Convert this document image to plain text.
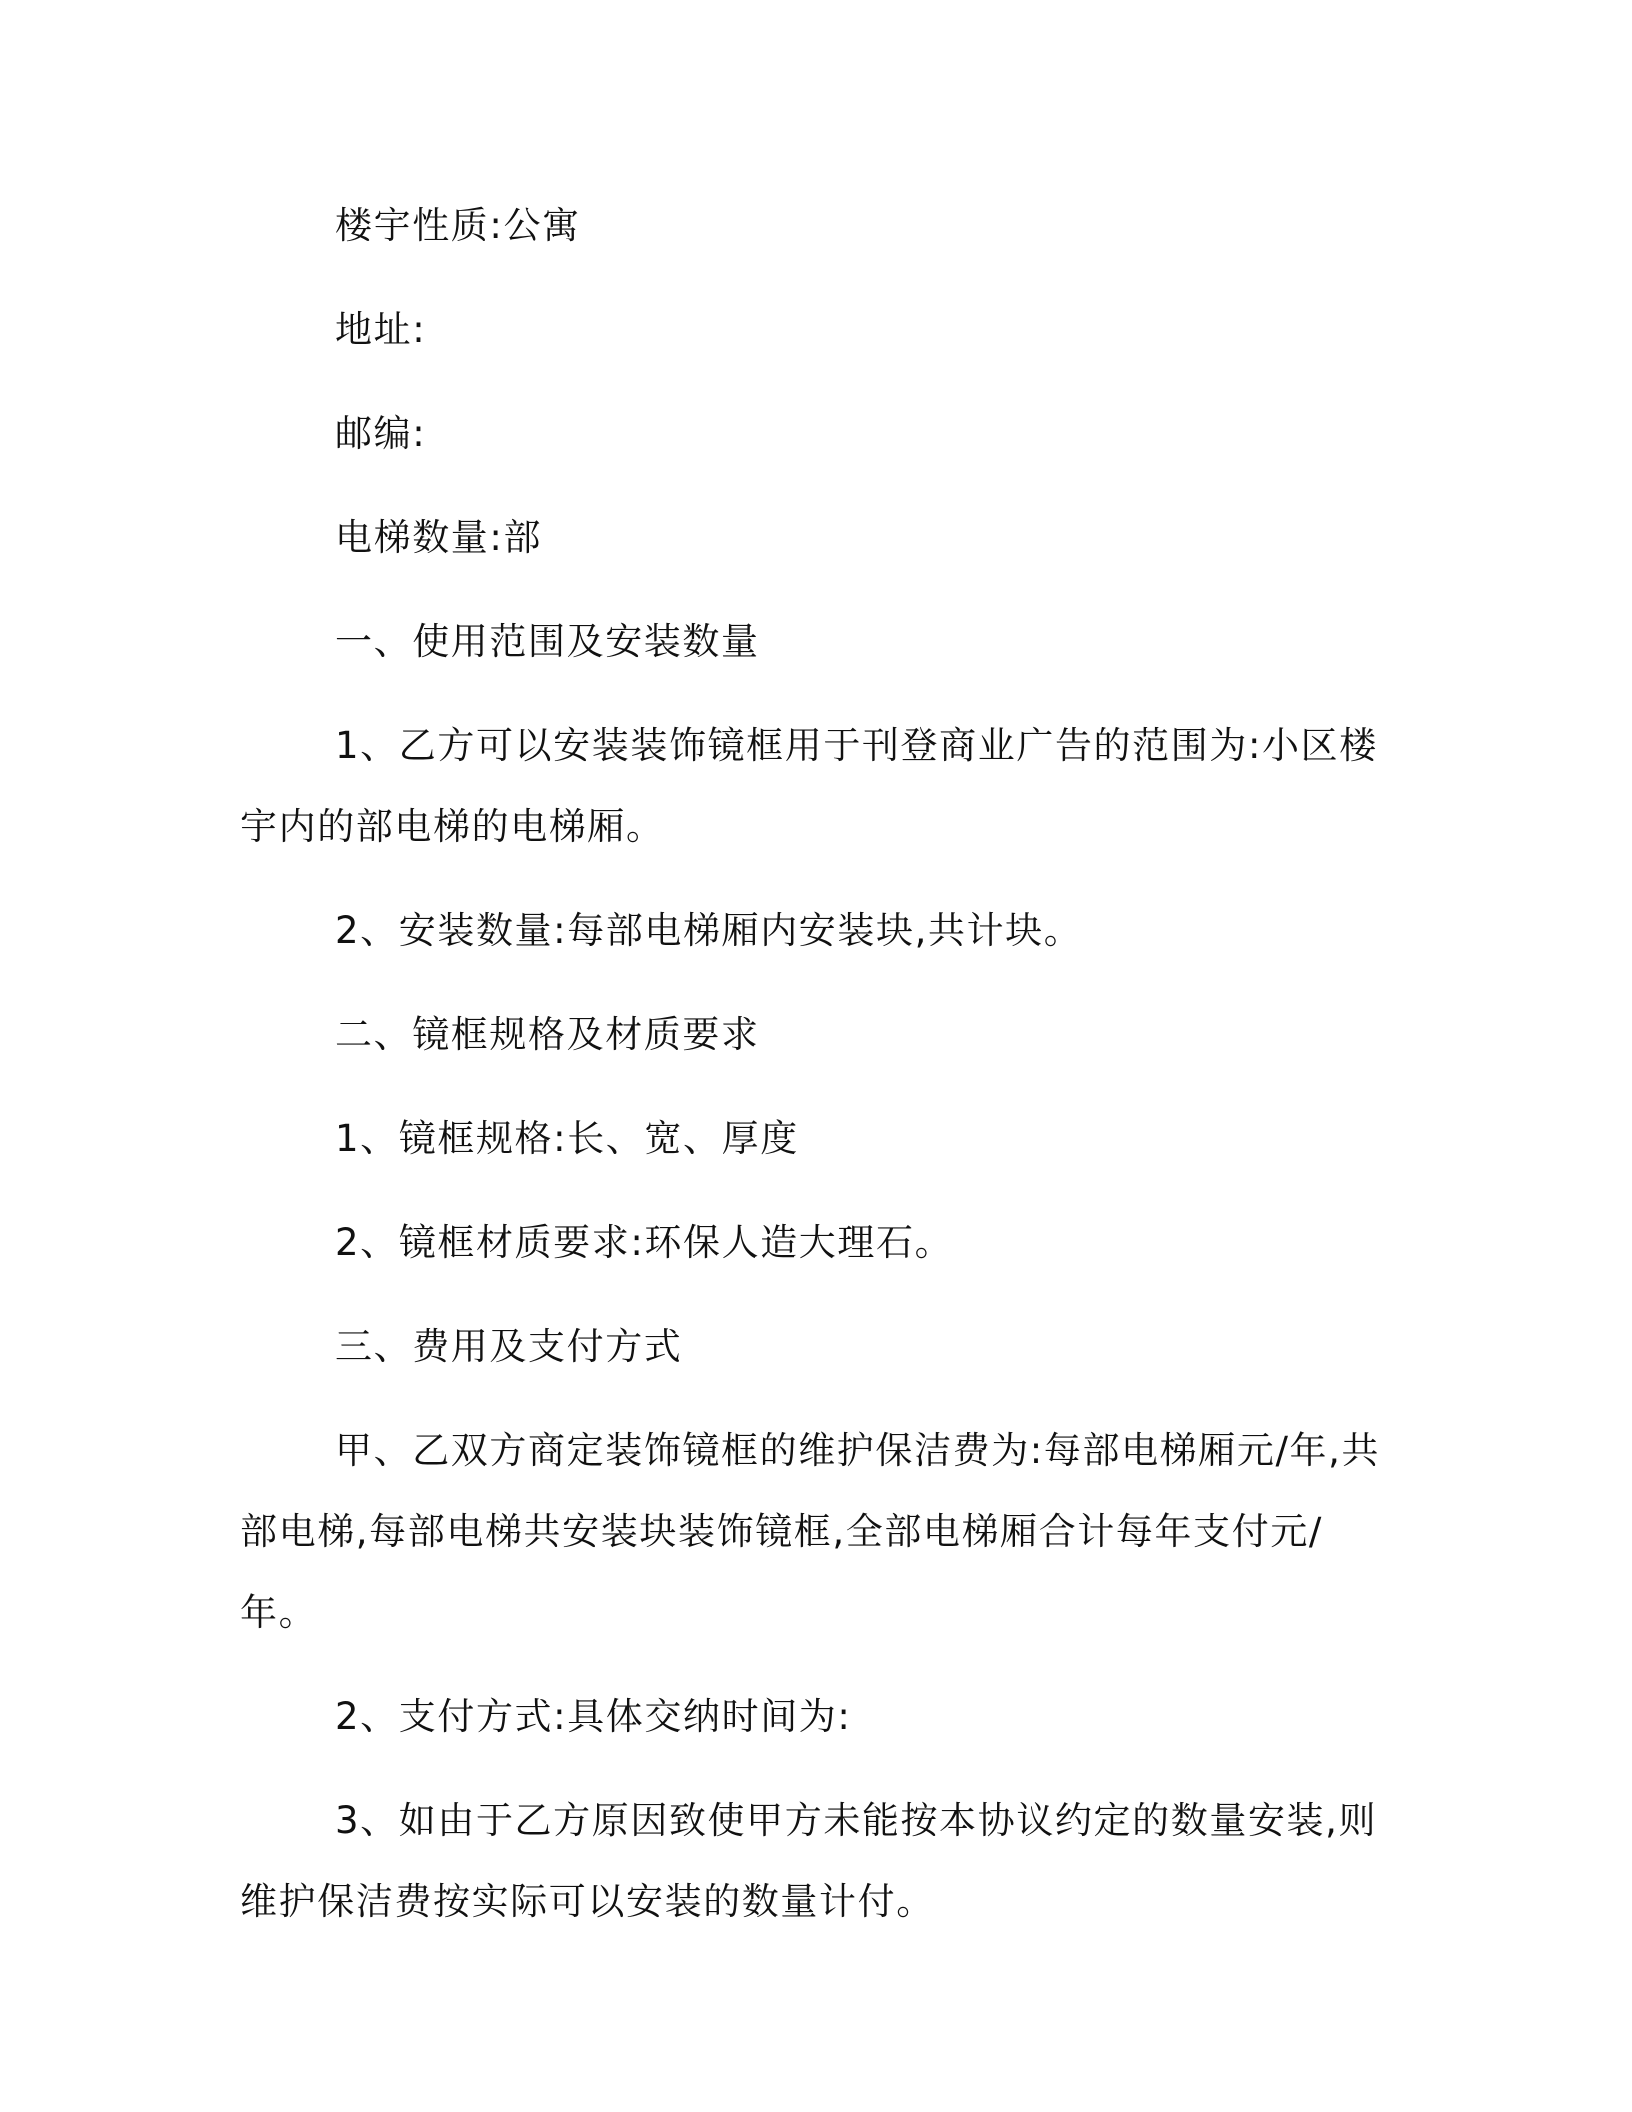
楼宇性质:公寓

地址:

邮编:

电梯数量:部

一、使用范围及安装数量

1、乙方可以安装装饰镜框用于刊登商业广告的范围为:小区楼宇内的部电梯的电梯厢。

2、安装数量:每部电梯厢内安装块,共计块。

二、镜框规格及材质要求

1、镜框规格:长、宽、厚度

2、镜框材质要求:环保人造大理石。

三、费用及支付方式

甲、乙双方商定装饰镜框的维护保洁费为:每部电梯厢元/年,共部电梯,每部电梯共安装块装饰镜框,全部电梯厢合计每年支付元/年。

2、支付方式:具体交纳时间为:

3、如由于乙方原因致使甲方未能按本协议约定的数量安装,则维护保洁费按实际可以安装的数量计付。
